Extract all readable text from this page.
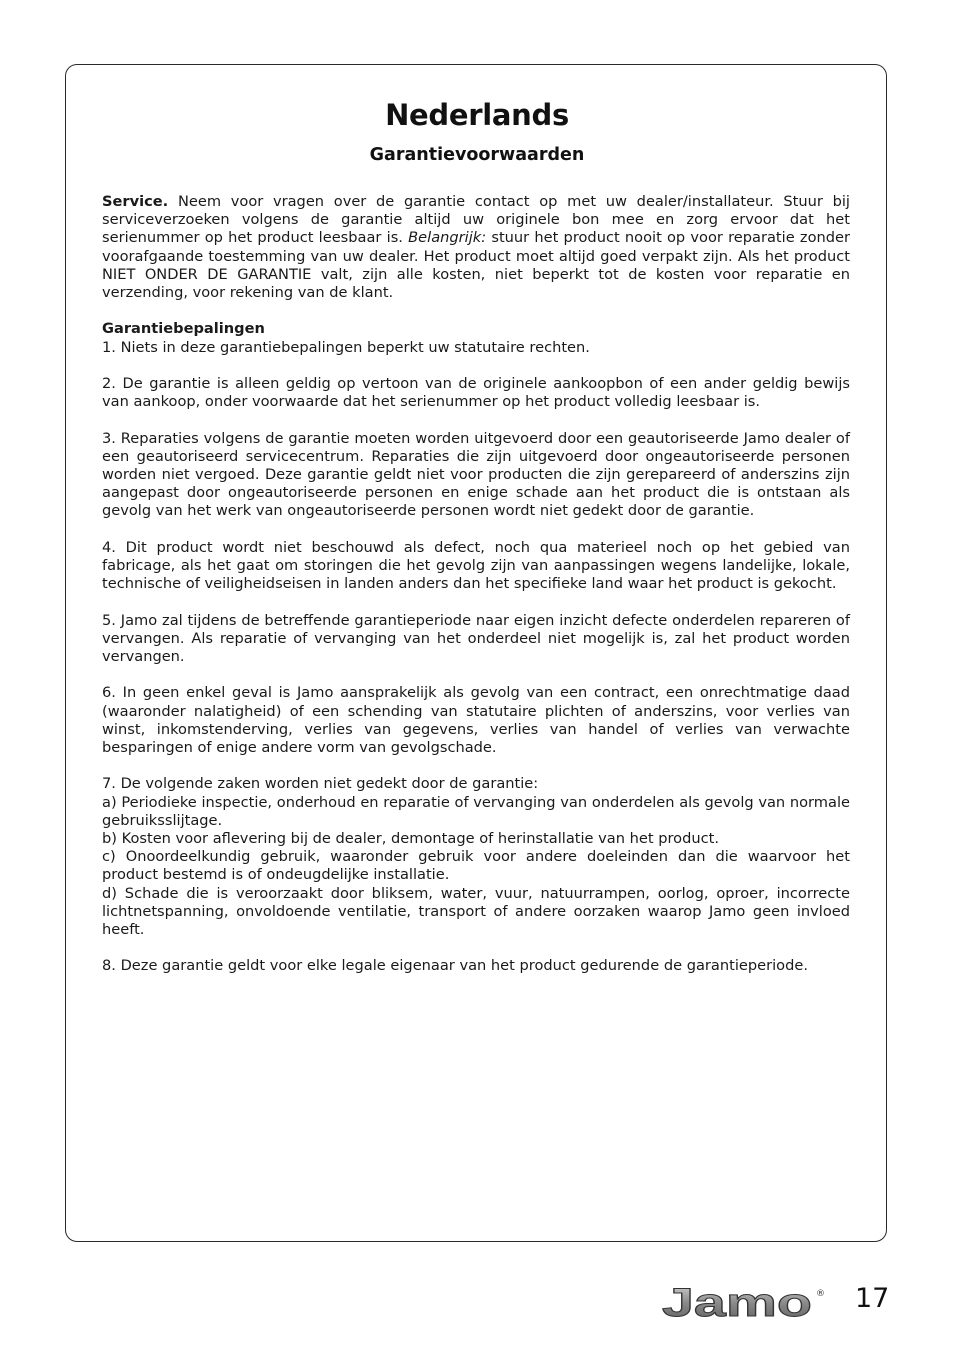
Nederlands
Garantievoorwaarden

Service. Neem voor vragen over de garantie contact op met uw dealer/installateur. Stuur bij serviceverzoeken volgens de garantie altijd uw originele bon mee en zorg ervoor dat het serienummer op het product leesbaar is. Belangrijk: stuur het product nooit op voor reparatie zonder voorafgaande toestemming van uw dealer. Het product moet altijd goed verpakt zijn. Als het product NIET ONDER DE GARANTIE valt, zijn alle kosten, niet beperkt tot de kosten voor reparatie en verzending, voor rekening van de klant.

Garantiebepalingen

1. Niets in deze garantiebepalingen beperkt uw statutaire rechten.

2. De garantie is alleen geldig op vertoon van de originele aankoopbon of een ander geldig bewijs van aankoop, onder voorwaarde dat het serienummer op het product volledig leesbaar is.

3. Reparaties volgens de garantie moeten worden uitgevoerd door een geautoriseerde Jamo dealer of een geautoriseerd servicecentrum. Reparaties die zijn uitgevoerd door ongeautoriseerde personen worden niet vergoed. Deze garantie geldt niet voor producten die zijn gerepareerd of anderszins zijn aangepast door ongeautoriseerde personen en enige schade aan het product die is ontstaan als gevolg van het werk van ongeautoriseerde personen wordt niet gedekt door de garantie.

4. Dit product wordt niet beschouwd als defect, noch qua materieel noch op het gebied van fabricage, als het gaat om storingen die het gevolg zijn van aanpassingen wegens landelijke, lokale, technische of veiligheidseisen in landen anders dan het specifieke land waar het product is gekocht.

5. Jamo zal tijdens de betreffende garantieperiode naar eigen inzicht defecte onderdelen repareren of vervangen. Als reparatie of vervanging van het onderdeel niet mogelijk is, zal het product worden vervangen.

6. In geen enkel geval is Jamo aansprakelijk als gevolg van een contract, een onrechtmatige daad (waaronder nalatigheid) of een schending van statutaire plichten of anderszins, voor verlies van winst, inkomstenderving, verlies van gegevens, verlies van handel of verlies van verwachte besparingen of enige andere vorm van gevolgschade.

7. De volgende zaken worden niet gedekt door de garantie:

a) Periodieke inspectie, onderhoud en reparatie of vervanging van onderdelen als gevolg van normale gebruiksslijtage.

b) Kosten voor aflevering bij de dealer, demontage of herinstallatie van het product.

c) Onoordeelkundig gebruik, waaronder gebruik voor andere doeleinden dan die waarvoor het product bestemd is of ondeugdelijke installatie.

d) Schade die is veroorzaakt door bliksem, water, vuur, natuurrampen, oorlog, oproer, incorrecte lichtnetspanning, onvoldoende ventilatie, transport of andere oorzaken waarop Jamo geen invloed heeft.

8. Deze garantie geldt voor elke legale eigenaar van het product gedurende de garantieperiode.

Jamo ® 17
